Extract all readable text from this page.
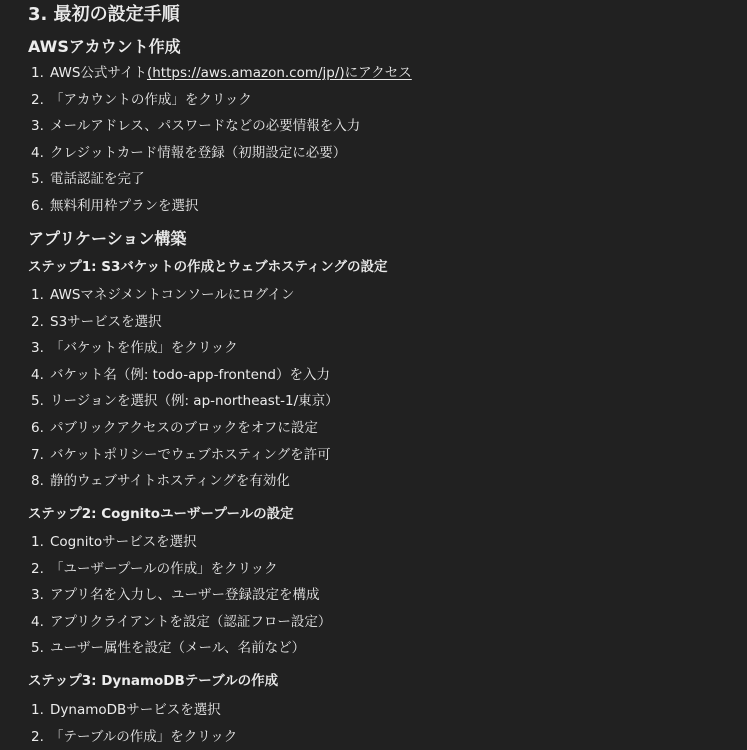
3. 最初の設定手順
AWSアカウント作成
1. AWS公式サイト(https://aws.amazon.com/jp/)にアクセス
2. 「アカウントの作成」をクリック
3. メールアドレス、パスワードなどの必要情報を入力
4. クレジットカード情報を登録（初期設定に必要）
5. 電話認証を完了
6. 無料利用枠プランを選択
アプリケーション構築
ステップ1: S3バケットの作成とウェブホスティングの設定
1. AWSマネジメントコンソールにログイン
2. S3サービスを選択
3. 「バケットを作成」をクリック
4. バケット名（例: todo-app-frontend）を入力
5. リージョンを選択（例: ap-northeast-1/東京）
6. パブリックアクセスのブロックをオフに設定
7. バケットポリシーでウェブホスティングを許可
8. 静的ウェブサイトホスティングを有効化
ステップ2: Cognitoユーザープールの設定
1. Cognitoサービスを選択
2. 「ユーザープールの作成」をクリック
3. アプリ名を入力し、ユーザー登録設定を構成
4. アプリクライアントを設定（認証フロー設定）
5. ユーザー属性を設定（メール、名前など）
ステップ3: DynamoDBテーブルの作成
1. DynamoDBサービスを選択
2. 「テーブルの作成」をクリック
